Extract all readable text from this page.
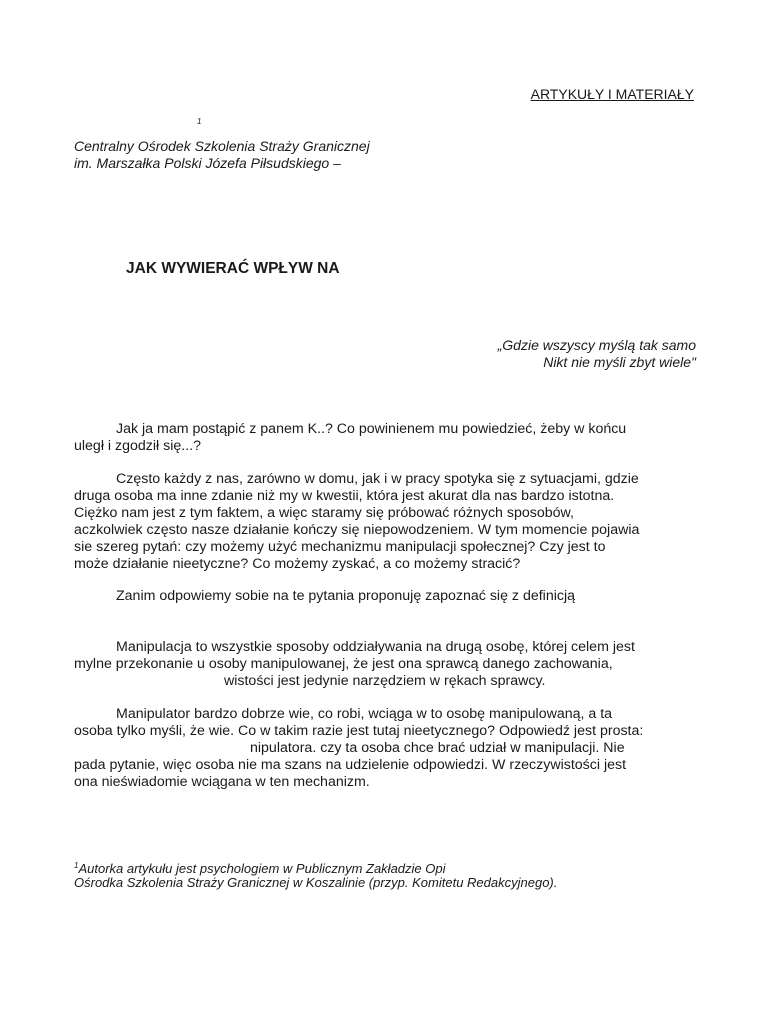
ARTYKUŁY I MATERIAŁY
1
Centralny Ośrodek Szkolenia Straży Granicznej
im. Marszałka Polski Józefa Piłsudskiego –
JAK WYWIERAĆ WPŁYW NA
„Gdzie wszyscy myślą tak samo
Nikt nie myśli zbyt wiele"
Jak ja mam postąpić z panem K..? Co powinienem mu powiedzieć, żeby w końcu
uległ i zgodził się...?
Często każdy z nas, zarówno w domu, jak i w pracy spotyka się z sytuacjami, gdzie
druga osoba ma inne zdanie niż my w kwestii, która jest akurat dla nas bardzo istotna.
Ciężko nam jest z tym faktem, a więc staramy się próbować różnych sposobów,
aczkolwiek często nasze działanie kończy się niepowodzeniem. W tym momencie pojawia
sie szereg pytań: czy możemy użyć mechanizmu manipulacji społecznej? Czy jest to
może działanie nieetyczne? Co możemy zyskać, a co możemy stracić?
Zanim odpowiemy sobie na te pytania proponuję zapoznać się z definicją
Manipulacja to wszystkie sposoby oddziaływania na drugą osobę, której celem jest
mylne przekonanie u osoby manipulowanej, że jest ona sprawcą danego zachowania,
wistości jest jedynie narzędziem w rękach sprawcy.
Manipulator bardzo dobrze wie, co robi, wciąga w to osobę manipulowaną, a ta
osoba tylko myśli, że wie. Co w takim razie jest tutaj nieetycznego? Odpowiedź jest prosta:
nipulatora. czy ta osoba chce brać udział w manipulacji. Nie
pada pytanie, więc osoba nie ma szans na udzielenie odpowiedzi. W rzeczywistości jest
ona nieświadomie wciągana w ten mechanizm.
$^1$Autorka artykułu jest psychologiem w Publicznym Zakładzie Opi
Ośrodka Szkolenia Straży Granicznej w Koszalinie (przyp. Komitetu Redakcyjnego).
